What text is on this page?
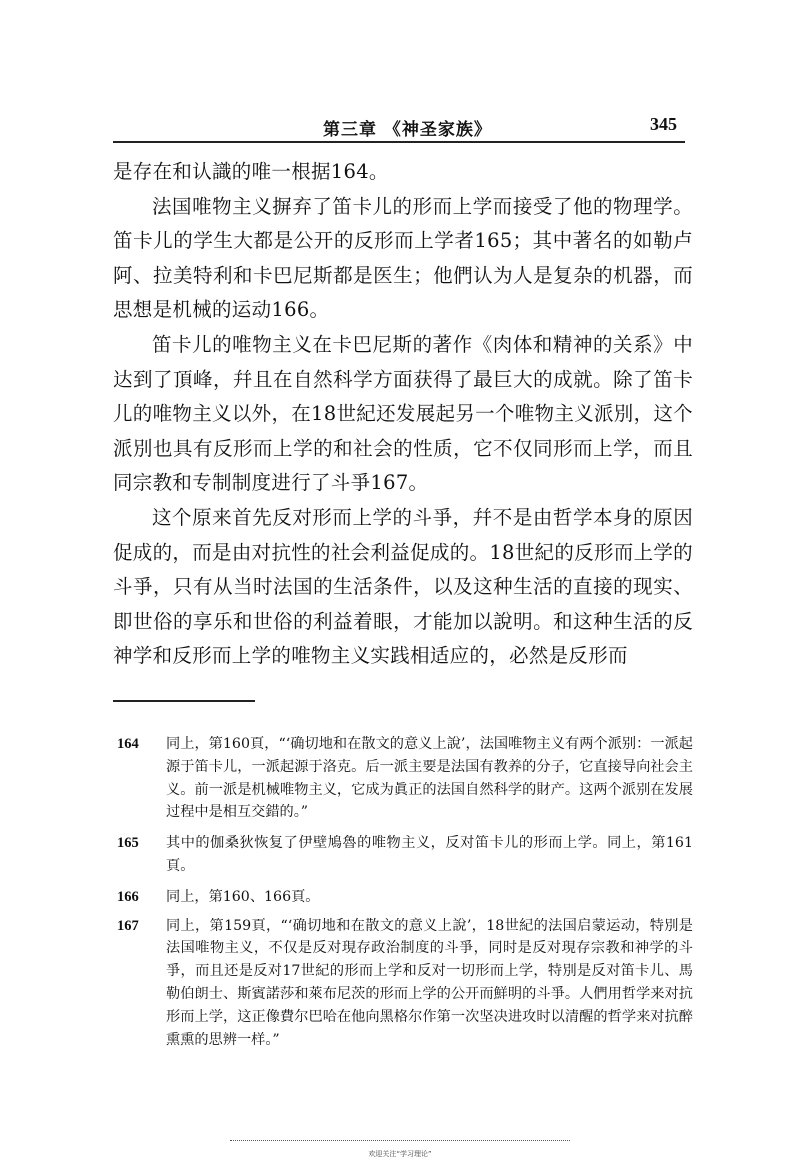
第三章 《神圣家族》	345

是存在和认識的唯一根据164。

法国唯物主义摒弃了笛卡儿的形而上学而接受了他的物理学。笛卡儿的学生大都是公开的反形而上学者165；其中著名的如勒卢阿、拉美特利和卡巴尼斯都是医生；他們认为人是复杂的机器，而思想是机械的运动166。

笛卡儿的唯物主义在卡巴尼斯的著作《肉体和精神的关系》中达到了頂峰，幷且在自然科学方面获得了最巨大的成就。除了笛卡儿的唯物主义以外，在18世紀还发展起另一个唯物主义派別，这个派別也具有反形而上学的和社会的性质，它不仅同形而上学，而且同宗教和专制制度进行了斗爭167。

这个原来首先反对形而上学的斗爭，幷不是由哲学本身的原因促成的，而是由对抗性的社会利益促成的。18世紀的反形而上学的斗爭，只有从当时法国的生活条件，以及这种生活的直接的现实、即世俗的享乐和世俗的利益着眼，才能加以說明。和这种生活的反神学和反形而上学的唯物主义实践相适应的，必然是反形而

164 同上，第160頁，“‘确切地和在散文的意义上說’，法国唯物主义有两个派别：一派起源于笛卡儿，一派起源于洛克。后一派主要是法国有教养的分子，它直接导向社会主义。前一派是机械唯物主义，它成为眞正的法国自然科学的財产。这两个派别在发展过程中是相互交錯的。”
165 其中的伽桑狄恢复了伊壁鳩魯的唯物主义，反对笛卡儿的形而上学。同上，第161頁。
166 同上，第160、166頁。
167 同上，第159頁，“‘确切地和在散文的意义上說’，18世紀的法国启蒙运动，特別是法国唯物主义，不仅是反对現存政治制度的斗爭，同时是反对現存宗教和神学的斗爭，而且还是反对17世紀的形而上学和反对一切形而上学，特別是反对笛卡儿、馬勒伯朗士、斯賓諾莎和萊布尼茨的形而上学的公开而鮮明的斗爭。人們用哲学来对抗形而上学，这正像費尔巴哈在他向黑格尔作第一次坚决进攻时以清醒的哲学来对抗醉熏熏的思辨一样。”
欢迎关注“学习理论”
